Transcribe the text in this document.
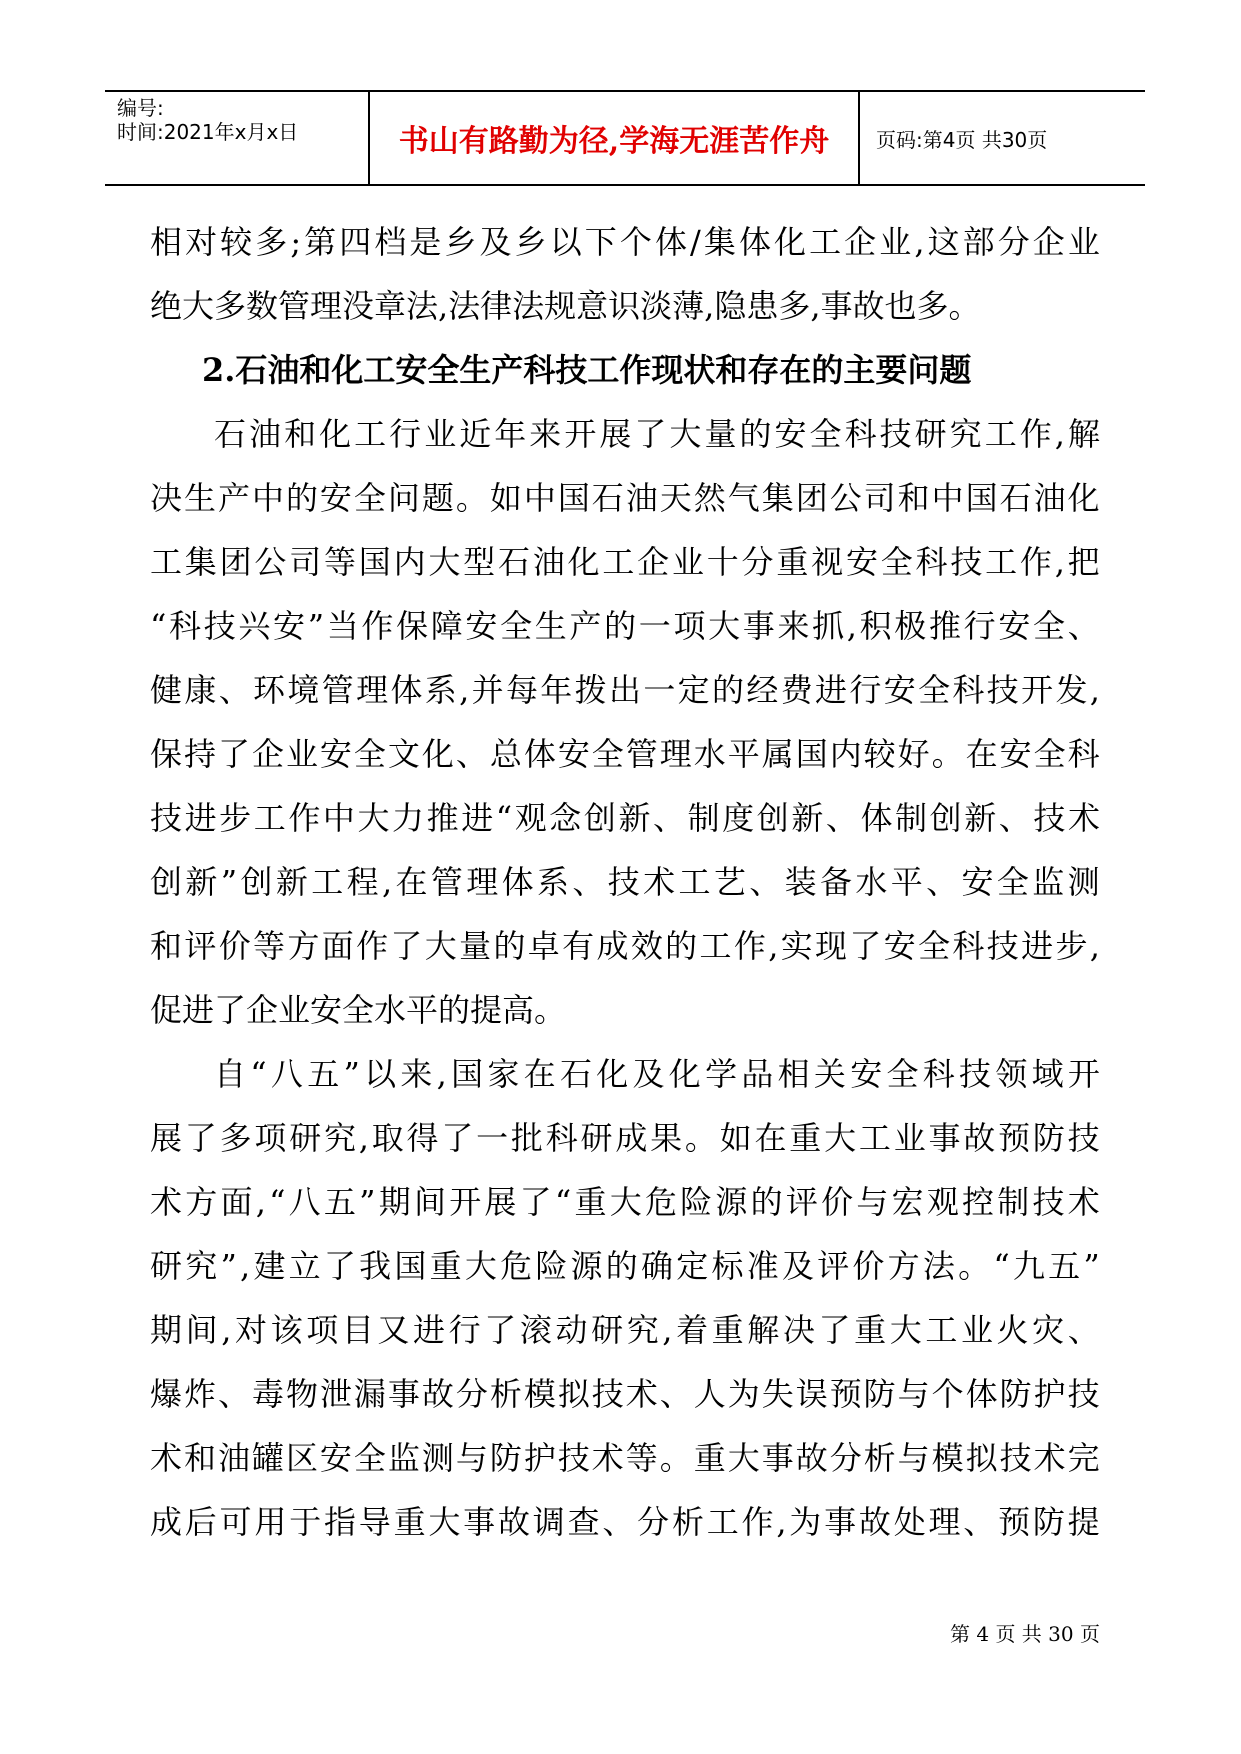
编号:
时间:2021年x月x日	书山有路勤为径,学海无涯苦作舟	页码:第4页 共30页
相 对 较 多 ; 第 四 档 是 乡 及 乡 以 下 个 体 / 集 体 化 工 企 业 , 这 部 分 企 业
绝大多数管理没章法,法律法规意识淡薄,隐患多,事故也多。
2.石油和化工安全生产科技工作现状和存在的主要问题
石 油 和 化 工 行 业 近 年 来 开 展 了 大 量 的 安 全 科 技 研 究 工 作 , 解
决 生 产 中 的 安 全 问 题 。 如 中 国 石 油 天 然 气 集 团 公 司 和 中 国 石 油 化
工 集 团 公 司 等 国 内 大 型 石 油 化 工 企 业 十 分 重 视 安 全 科 技 工 作 , 把
“ 科 技 兴 安 ” 当 作 保 障 安 全 生 产 的 一 项 大 事 来 抓 , 积 极 推 行 安 全 、
健 康 、 环 境 管 理 体 系 , 并 每 年 拨 出 一 定 的 经 费 进 行 安 全 科 技 开 发 ,
保 持 了 企 业 安 全 文 化 、 总 体 安 全 管 理 水 平 属 国 内 较 好 。 在 安 全 科
技 进 步 工 作 中 大 力 推 进 “ 观 念 创 新 、 制 度 创 新 、 体 制 创 新 、 技 术
创 新 ” 创 新 工 程 , 在 管 理 体 系 、 技 术 工 艺 、 装 备 水 平 、 安 全 监 测
和 评 价 等 方 面 作 了 大 量 的 卓 有 成 效 的 工 作 , 实 现 了 安 全 科 技 进 步 ,
促进了企业安全水平的提高。
自 “ 八 五 ” 以 来 , 国 家 在 石 化 及 化 学 品 相 关 安 全 科 技 领 域 开
展 了 多 项 研 究 , 取 得 了 一 批 科 研 成 果 。 如 在 重 大 工 业 事 故 预 防 技
术 方 面 , “ 八 五 ” 期 间 开 展 了 “ 重 大 危 险 源 的 评 价 与 宏 观 控 制 技 术
研 究 ” , 建 立 了 我 国 重 大 危 险 源 的 确 定 标 准 及 评 价 方 法 。 “ 九 五 ”
期 间 , 对 该 项 目 又 进 行 了 滚 动 研 究 , 着 重 解 决 了 重 大 工 业 火 灾 、
爆 炸 、 毒 物 泄 漏 事 故 分 析 模 拟 技 术 、 人 为 失 误 预 防 与 个 体 防 护 技
术 和 油 罐 区 安 全 监 测 与 防 护 技 术 等 。 重 大 事 故 分 析 与 模 拟 技 术 完
成 后 可 用 于 指 导 重 大 事 故 调 查 、 分 析 工 作 , 为 事 故 处 理 、 预 防 提
第 4 页 共 30 页
